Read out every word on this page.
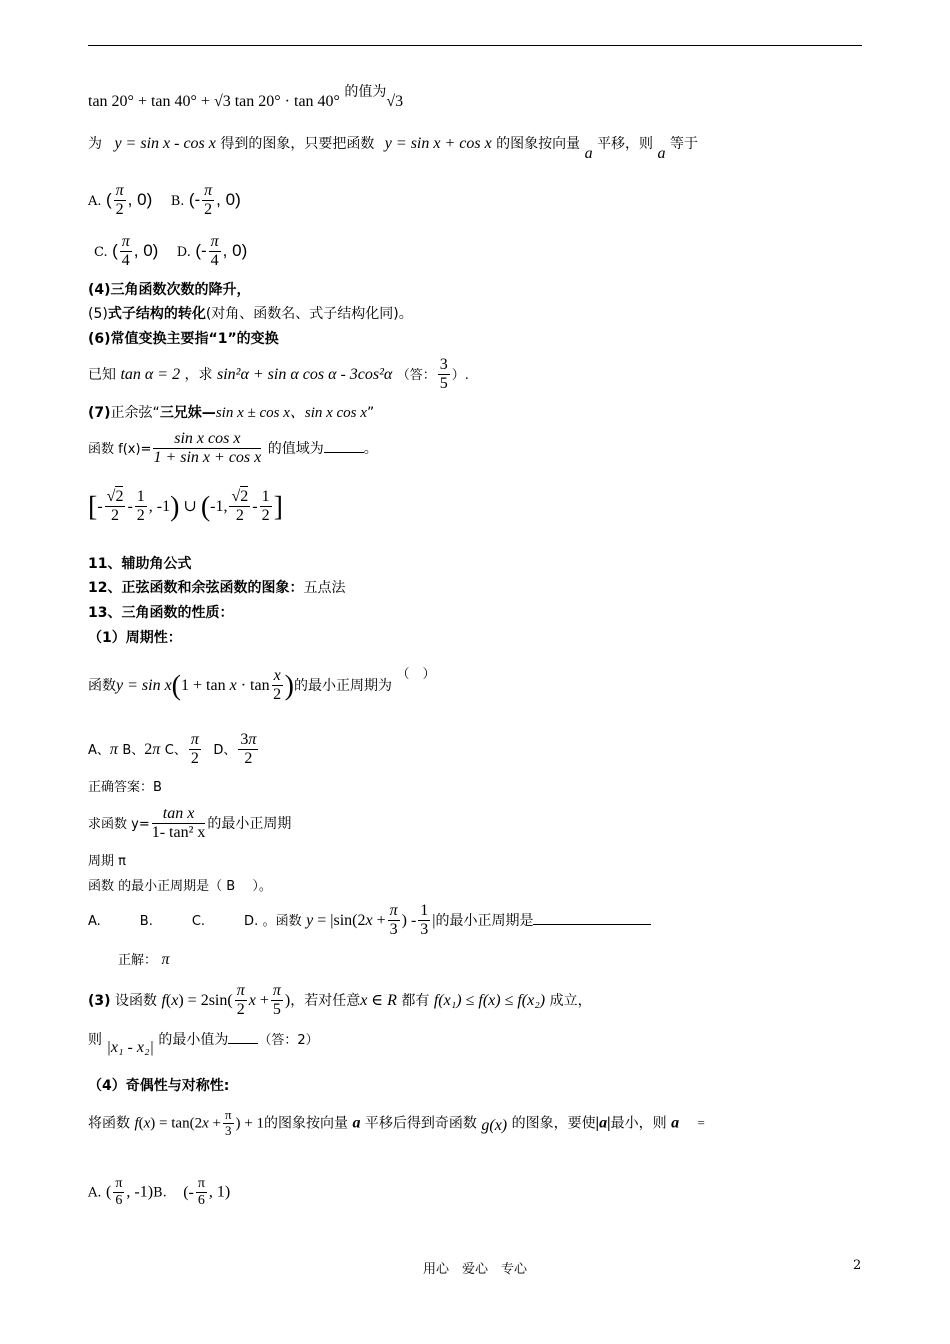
tan 20° + tan 40° + √3 tan 20° · tan 40° 的值为√3
为 y = sin x - cos x 得到的图象，只要把函数 y = sin x + cos x 的图象按向量 a 平移，则 a 等于
A. ( $\frac{\pi}{2}$ , 0) B. (- $\frac{\pi}{2}$ , 0)
C. ( $\frac{\pi}{4}$ , 0) D. (- $\frac{\pi}{4}$ , 0)
(4)三角函数次数的降升，
(5)式子结构的转化(对角、函数名、式子结构化同)。
(6)常值变换主要指“1”的变换
已知 tan α = 2 ，求 sin²α + sin α cos α - 3cos²α （答： $\frac{3}{5}$ ）.
(7)正余弦“三兄妹—sin x ± cos x、sin x cos x”
函数 $f(x)= \frac{\text{sin x cos x}}{\text{1 + sin x + cos x}}$ 的值域为	。
[- $\frac{√2}{2} - \frac{1}{2}$ , -1) ∪ (-1, $\frac{√2}{2} - \frac{1}{2}$ ]
11、辅助角公式
12、正弦函数和余弦函数的图象：五点法
13、三角函数的性质：
（1）周期性：
函数$y = \sin x(1 + \tan x \cdot \tan \frac{x}{2}$ )的最小正周期为 （　）
A、π B、2π C、 $\frac{\pi}{2}$ D、 $\frac{3\pi}{2}$
正确答案：B
求函数 $y= \frac{\text{tan x}}{\text{1- tan² x}}$ 的最小正周期
周期 π
函数 的最小正周期是（ B　 ）。
A.　　　B.　　　C.　　　D. 。函数 $y = |\sin(2x + \frac{\pi}{3}$ ) - $\frac{1}{3}$ |的最小正周期是
正解： π
(3) 设函数 $f(x) = 2\sin( \frac{\pi}{2}$ $x + \frac{\pi}{5}$ )，若对任意x ∈ R 都有 f(x₁) ≤ f(x) ≤ f(x₂) 成立，
则 |x₁ - x₂| 的最小值为 （答：2）
（4）奇偶性与对称性:
将函数 $f(x) = \tan(2x + \frac{\pi}{3}$ ) + 1的图象按向量 a 平移后得到奇函数 g(x) 的图象，要使|a|最小，则 a =
A. ( $\frac{\pi}{6}$ , -1)B. (- $\frac{\pi}{6}$ , 1)
用心　爱心　专心	2
